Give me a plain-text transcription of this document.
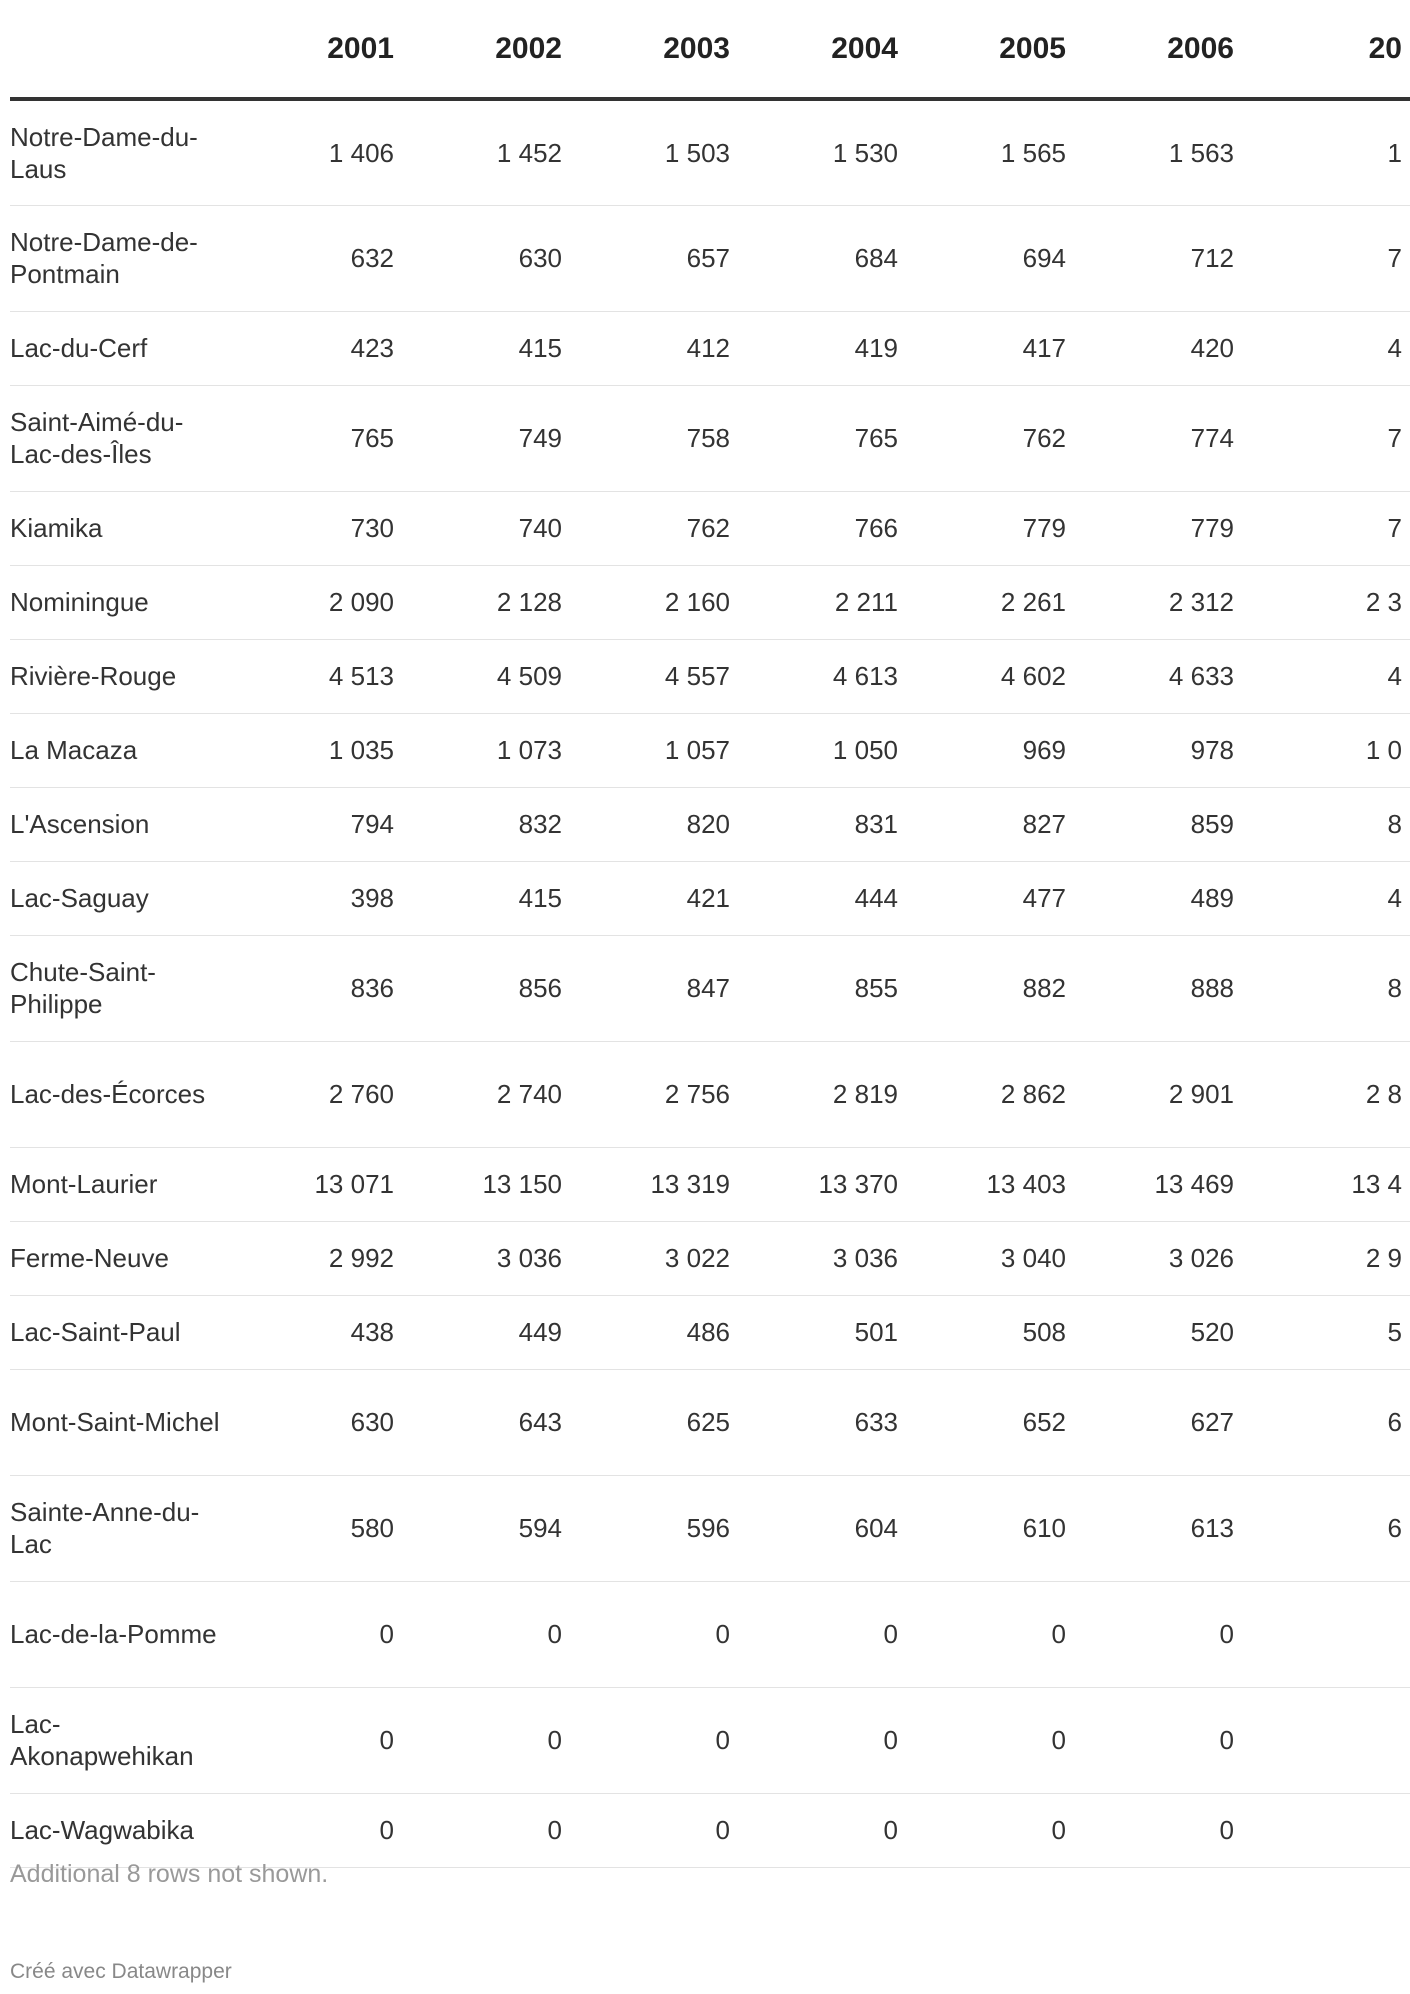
	2001	2002	2003	2004	2005	2006	20
Notre-Dame-du-Laus	1 406	1 452	1 503	1 530	1 565	1 563	1
Notre-Dame-de-Pontmain	632	630	657	684	694	712	7
Lac-du-Cerf	423	415	412	419	417	420	4
Saint-Aimé-du-Lac-des-Îles	765	749	758	765	762	774	7
Kiamika	730	740	762	766	779	779	7
Nominingue	2 090	2 128	2 160	2 211	2 261	2 312	2 3
Rivière-Rouge	4 513	4 509	4 557	4 613	4 602	4 633	4
La Macaza	1 035	1 073	1 057	1 050	969	978	1 0
L'Ascension	794	832	820	831	827	859	8
Lac-Saguay	398	415	421	444	477	489	4
Chute-Saint-Philippe	836	856	847	855	882	888	8
Lac-des-Écorces	2 760	2 740	2 756	2 819	2 862	2 901	2 8
Mont-Laurier	13 071	13 150	13 319	13 370	13 403	13 469	13 4
Ferme-Neuve	2 992	3 036	3 022	3 036	3 040	3 026	2 9
Lac-Saint-Paul	438	449	486	501	508	520	5
Mont-Saint-Michel	630	643	625	633	652	627	6
Sainte-Anne-du-Lac	580	594	596	604	610	613	6
Lac-de-la-Pomme	0	0	0	0	0	0	
Lac-Akonapwehikan	0	0	0	0	0	0	
Lac-Wagwabika	0	0	0	0	0	0	
Additional 8 rows not shown.
Créé avec Datawrapper
